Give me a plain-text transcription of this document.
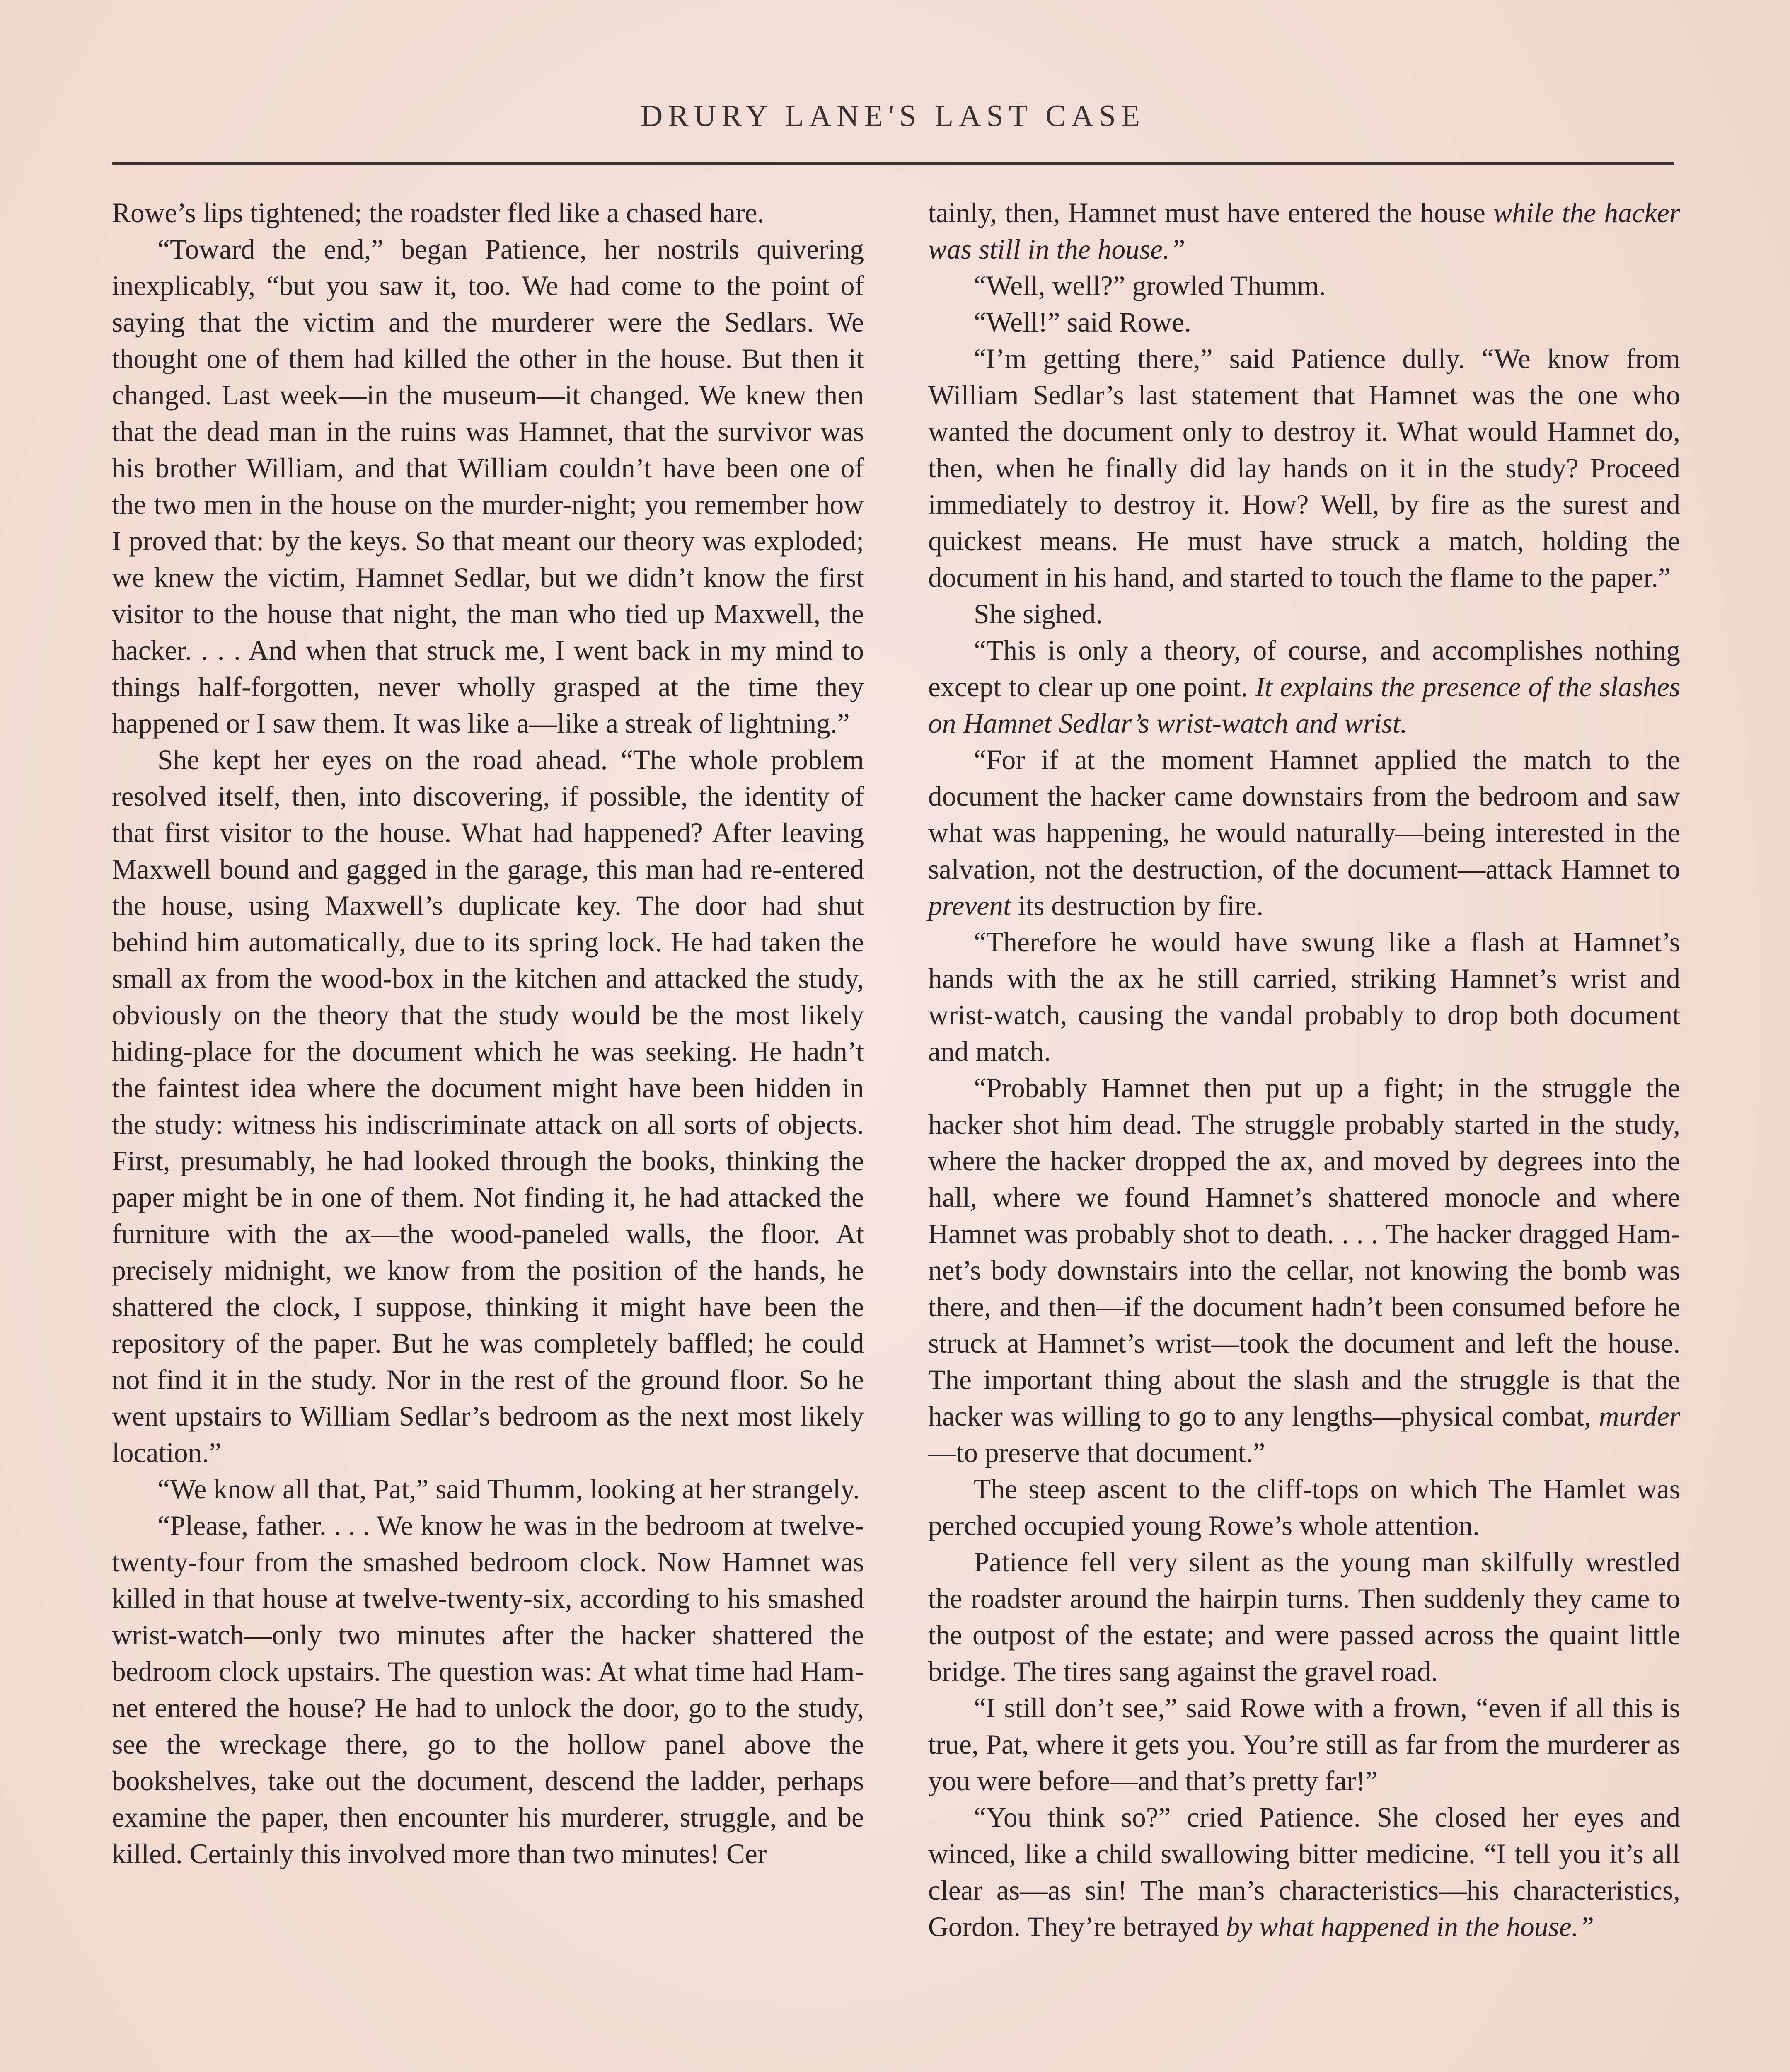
DRURY LANE'S LAST CASE

Rowe’s lips tightened; the roadster fled like a chased hare.

“Toward the end,” began Patience, her nostrils quivering inexplicably, “but you saw it, too. We had come to the point of saying that the victim and the murderer were the Sedlars. We thought one of them had killed the other in the house. But then it changed. Last week—in the museum—it changed. We knew then that the dead man in the ruins was Hamnet, that the survivor was his brother William, and that William couldn’t have been one of the two men in the house on the murder-night; you remember how I proved that: by the keys. So that meant our theory was exploded; we knew the victim, Hamnet Sedlar, but we didn’t know the first visitor to the house that night, the man who tied up Maxwell, the hacker. . . . And when that struck me, I went back in my mind to things half-forgotten, never wholly grasped at the time they happened or I saw them. It was like a—like a streak of lightning.”

She kept her eyes on the road ahead. “The whole problem resolved itself, then, into discovering, if possible, the identity of that first visitor to the house. What had happened? After leaving Maxwell bound and gagged in the garage, this man had re-entered the house, using Maxwell’s duplicate key. The door had shut behind him automatically, due to its spring lock. He had taken the small ax from the wood-box in the kitchen and attacked the study, obviously on the theory that the study would be the most likely hiding-place for the document which he was seeking. He hadn’t the faintest idea where the document might have been hidden in the study: witness his indiscriminate attack on all sorts of objects. First, presumably, he had looked through the books, thinking the paper might be in one of them. Not finding it, he had attacked the furniture with the ax—the wood-paneled walls, the floor. At precisely midnight, we know from the position of the hands, he shattered the clock, I suppose, thinking it might have been the repository of the paper. But he was completely baffled; he could not find it in the study. Nor in the rest of the ground floor. So he went upstairs to William Sedlar’s bedroom as the next most likely location.”

“We know all that, Pat,” said Thumm, looking at her strangely.

“Please, father. . . . We know he was in the bedroom at twelve-twenty-four from the smashed bedroom clock. Now Hamnet was killed in that house at twelve-twenty-six, according to his smashed wrist-watch—only two minutes after the hacker shattered the bedroom clock upstairs. The question was: At what time had Hamnet entered the house? He had to unlock the door, go to the study, see the wreckage there, go to the hollow panel above the bookshelves, take out the document, descend the ladder, perhaps examine the paper, then encounter his murderer, struggle, and be killed. Certainly this involved more than two minutes! Cer

tainly, then, Hamnet must have entered the house while the hacker was still in the house.”

“Well, well?” growled Thumm.

“Well!” said Rowe.

“I’m getting there,” said Patience dully. “We know from William Sedlar’s last statement that Hamnet was the one who wanted the document only to destroy it. What would Hamnet do, then, when he finally did lay hands on it in the study? Proceed immediately to destroy it. How? Well, by fire as the surest and quickest means. He must have struck a match, holding the document in his hand, and started to touch the flame to the paper.”

She sighed.

“This is only a theory, of course, and accomplishes nothing except to clear up one point. It explains the presence of the slashes on Hamnet Sedlar’s wrist-watch and wrist.

“For if at the moment Hamnet applied the match to the document the hacker came downstairs from the bedroom and saw what was happening, he would naturally—being interested in the salvation, not the destruction, of the document—attack Hamnet to prevent its destruction by fire.

“Therefore he would have swung like a flash at Hamnet’s hands with the ax he still carried, striking Hamnet’s wrist and wrist-watch, causing the vandal probably to drop both document and match.

“Probably Hamnet then put up a fight; in the struggle the hacker shot him dead. The struggle probably started in the study, where the hacker dropped the ax, and moved by degrees into the hall, where we found Hamnet’s shattered monocle and where Hamnet was probably shot to death. . . . The hacker dragged Hamnet’s body downstairs into the cellar, not knowing the bomb was there, and then—if the document hadn’t been consumed before he struck at Hamnet’s wrist—took the document and left the house. The important thing about the slash and the struggle is that the hacker was willing to go to any lengths—physical combat, murder—to preserve that document.”

The steep ascent to the cliff-tops on which The Hamlet was perched occupied young Rowe’s whole attention.

Patience fell very silent as the young man skilfully wrestled the roadster around the hairpin turns. Then suddenly they came to the outpost of the estate; and were passed across the quaint little bridge. The tires sang against the gravel road.

“I still don’t see,” said Rowe with a frown, “even if all this is true, Pat, where it gets you. You’re still as far from the murderer as you were before—and that’s pretty far!”

“You think so?” cried Patience. She closed her eyes and winced, like a child swallowing bitter medicine. “I tell you it’s all clear as—as sin! The man’s characteristics—his characteristics, Gordon. They’re betrayed by what happened in the house.”
